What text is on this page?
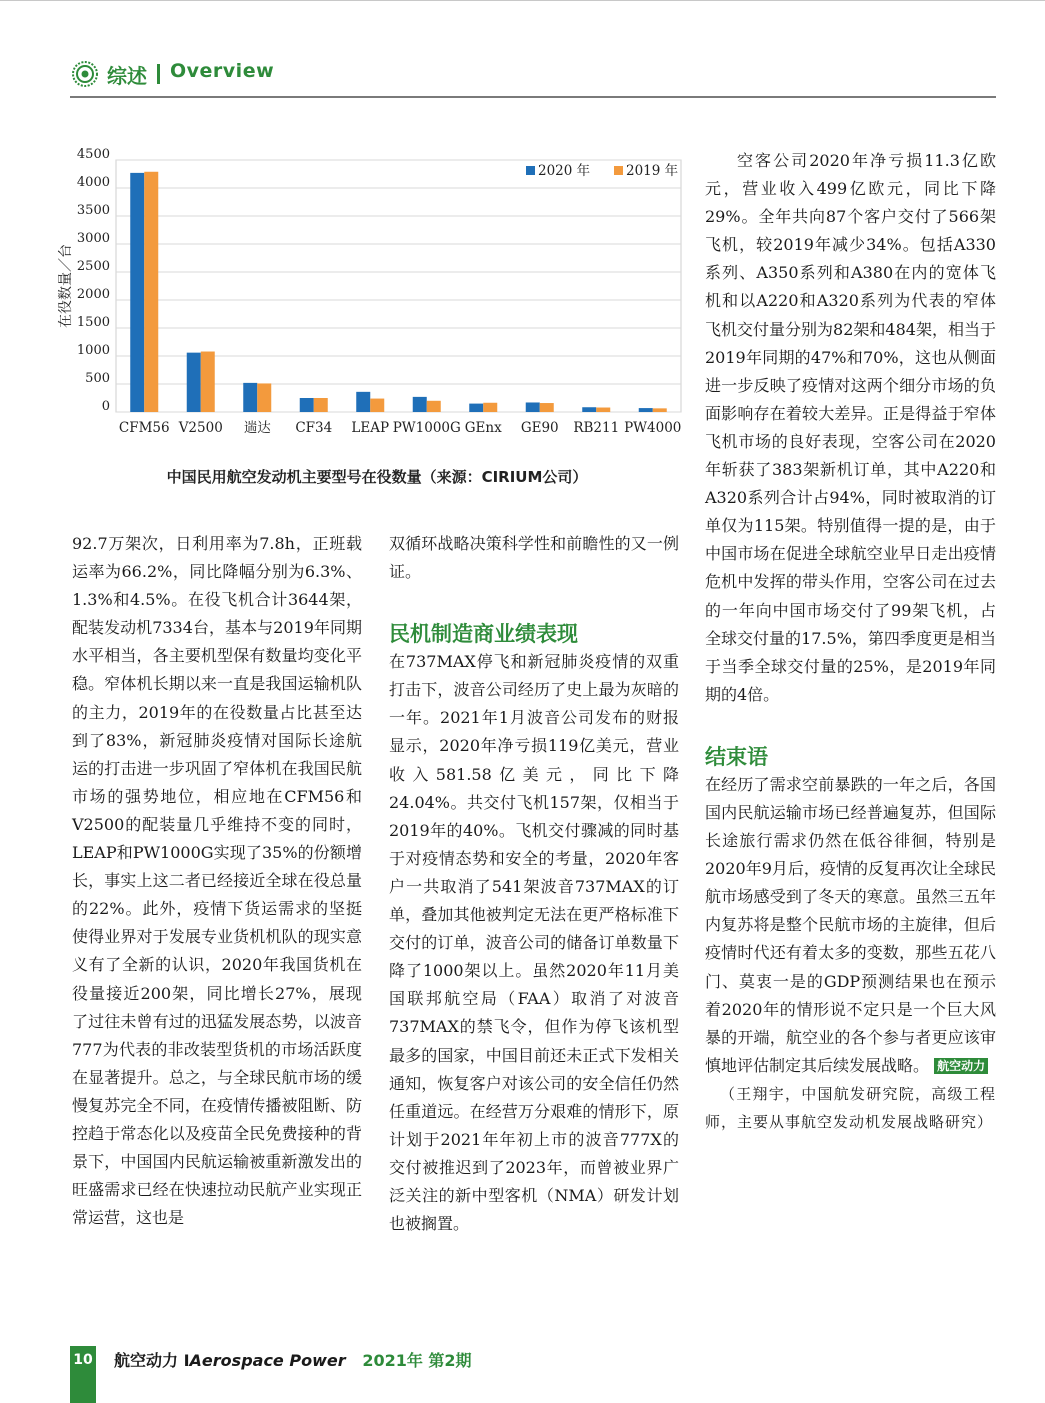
综述 Overview
0
500
1000
1500
2000
2500
3000
3500
4000
4500
在役数量／台
CFM56 V2500 遄达 CF34 LEAP PW1000G GEnx GE90 RB211 PW4000
2020 年	2019 年
中国民用航空发动机主要型号在役数量（来源：CIRIUM公司）

92.7万架次，日利用率为7.8h，正班载运率为66.2%，同比降幅分别为6.3%、1.3%和4.5%。在役飞机合计3644架，配装发动机7334台，基本与2019年同期水平相当，各主要机型保有数量均变化平稳。窄体机长期以来一直是我国运输机队的主力，2019年的在役数量占比甚至达到了83%，新冠肺炎疫情对国际长途航运的打击进一步巩固了窄体机在我国民航市场的强势地位，相应地在CFM56和V2500的配装量几乎维持不变的同时，LEAP和PW1000G实现了35%的份额增长，事实上这二者已经接近全球在役总量的22%。此外，疫情下货运需求的坚挺使得业界对于发展专业货机机队的现实意义有了全新的认识，2020年我国货机在役量接近200架，同比增长27%，展现了过往未曾有过的迅猛发展态势，以波音777为代表的非改装型货机的市场活跃度在显著提升。总之，与全球民航市场的缓慢复苏完全不同，在疫情传播被阻断、防控趋于常态化以及疫苗全民免费接种的背景下，中国国内民航运输被重新激发出的旺盛需求已经在快速拉动民航产业实现正常运营，这也是

双循环战略决策科学性和前瞻性的又一例证。

民机制造商业绩表现

在737MAX停飞和新冠肺炎疫情的双重打击下，波音公司经历了史上最为灰暗的一年。2021年1月波音公司发布的财报显示，2020年净亏损119亿美元，营业收入581.58亿美元，同比下降24.04%。共交付飞机157架，仅相当于2019年的40%。飞机交付骤减的同时基于对疫情态势和安全的考量，2020年客户一共取消了541架波音737MAX的订单，叠加其他被判定无法在更严格标准下交付的订单，波音公司的储备订单数量下降了1000架以上。虽然2020年11月美国联邦航空局（FAA）取消了对波音737MAX的禁飞令，但作为停飞该机型最多的国家，中国目前还未正式下发相关通知，恢复客户对该公司的安全信任仍然任重道远。在经营万分艰难的情形下，原计划于2021年年初上市的波音777X的交付被推迟到了2023年，而曾被业界广泛关注的新中型客机（NMA）研发计划也被搁置。

空客公司2020年净亏损11.3亿欧元，营业收入499亿欧元，同比下降29%。全年共向87个客户交付了566架飞机，较2019年减少34%。包括A330系列、A350系列和A380在内的宽体飞机和以A220和A320系列为代表的窄体飞机交付量分别为82架和484架，相当于2019年同期的47%和70%，这也从侧面进一步反映了疫情对这两个细分市场的负面影响存在着较大差异。正是得益于窄体飞机市场的良好表现，空客公司在2020年斩获了383架新机订单，其中A220和A320系列合计占94%，同时被取消的订单仅为115架。特别值得一提的是，由于中国市场在促进全球航空业早日走出疫情危机中发挥的带头作用，空客公司在过去的一年向中国市场交付了99架飞机，占全球交付量的17.5%，第四季度更是相当于当季全球交付量的25%，是2019年同期的4倍。

结束语

在经历了需求空前暴跌的一年之后，各国国内民航运输市场已经普遍复苏，但国际长途旅行需求仍然在低谷徘徊，特别是2020年9月后，疫情的反复再次让全球民航市场感受到了冬天的寒意。虽然三五年内复苏将是整个民航市场的主旋律，但后疫情时代还有着太多的变数，那些五花八门、莫衷一是的GDP预测结果也在预示着2020年的情形说不定只是一个巨大风暴的开端，航空业的各个参与者更应该审慎地评估制定其后续发展战略。 航空动力

（王翔宇，中国航发研究院，高级工程师，主要从事航空发动机发展战略研究）

10 航空动力 IAerospace Power 2021年 第2期
